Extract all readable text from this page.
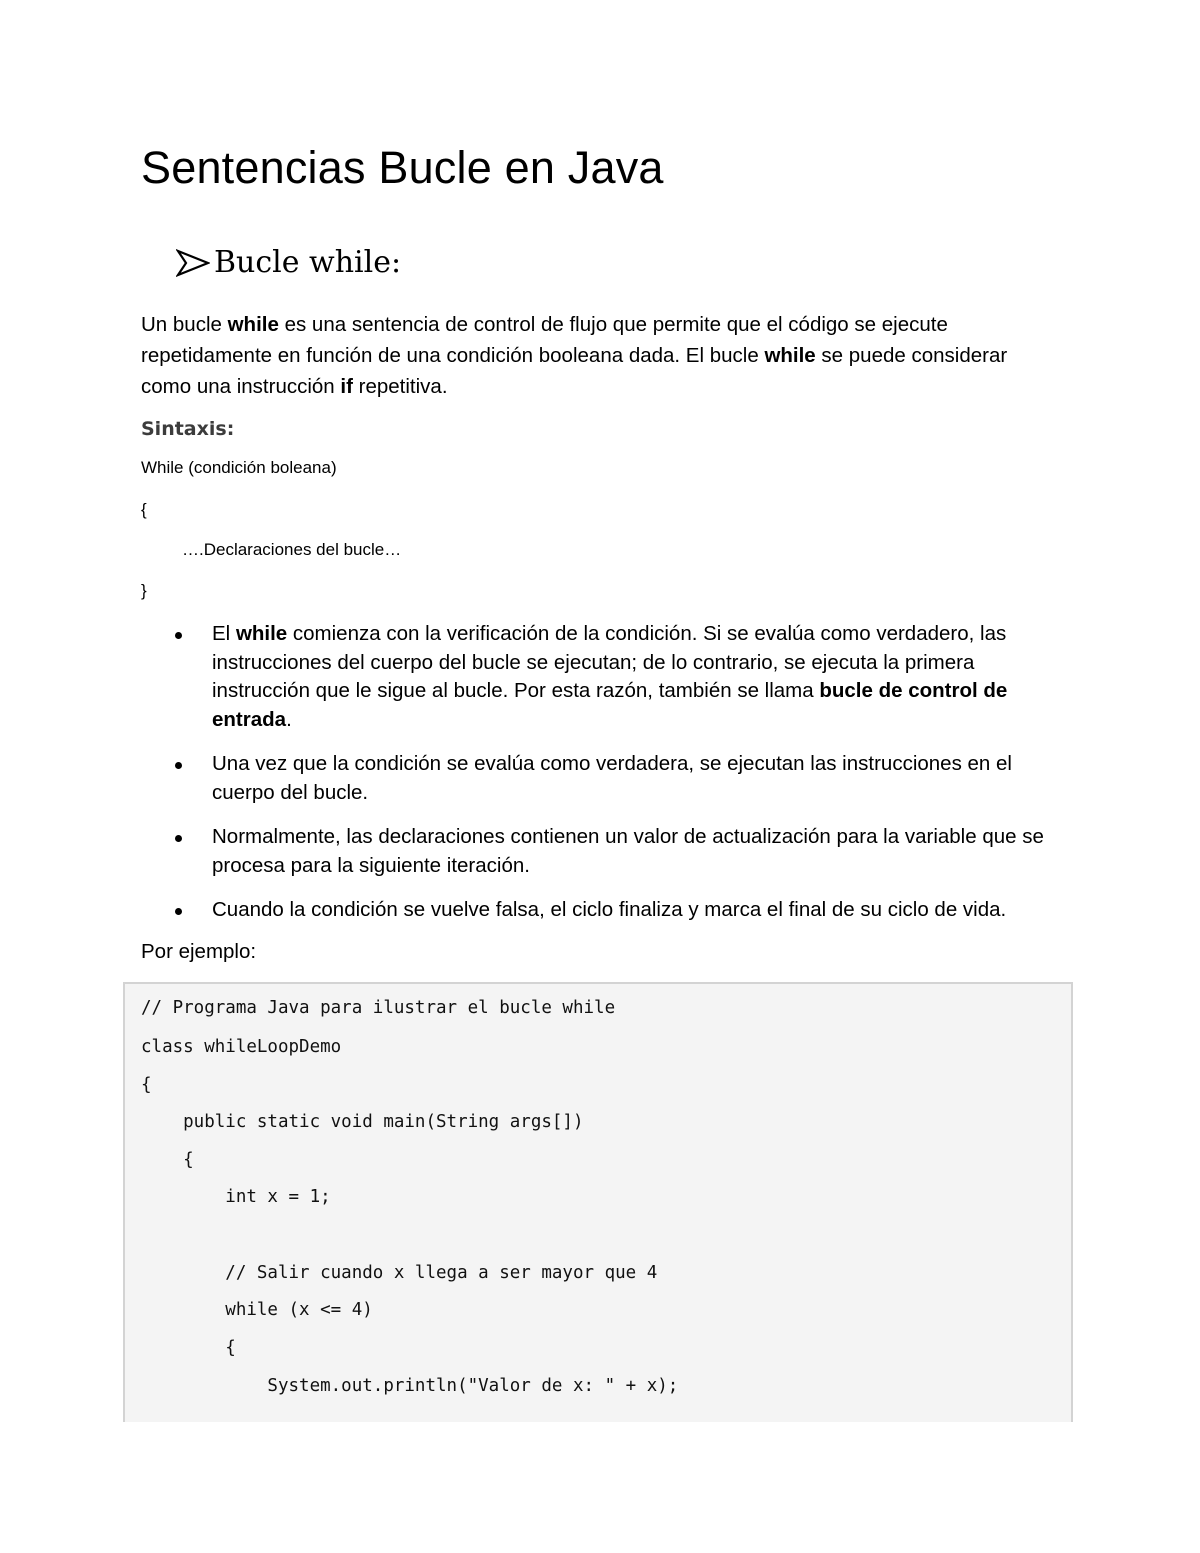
Sentencias Bucle en Java
Bucle while:

Un bucle while es una sentencia de control de flujo que permite que el código se ejecute repetidamente en función de una condición booleana dada. El bucle while se puede considerar como una instrucción if repetitiva.

Sintaxis:
While (condición boleana)
{
….Declaraciones del bucle…
}
El while comienza con la verificación de la condición. Si se evalúa como verdadero, las instrucciones del cuerpo del bucle se ejecutan; de lo contrario, se ejecuta la primera instrucción que le sigue al bucle. Por esta razón, también se llama bucle de control de entrada.
Una vez que la condición se evalúa como verdadera, se ejecutan las instrucciones en el cuerpo del bucle.
Normalmente, las declaraciones contienen un valor de actualización para la variable que se procesa para la siguiente iteración.
Cuando la condición se vuelve falsa, el ciclo finaliza y marca el final de su ciclo de vida.
Por ejemplo:
// Programa Java para ilustrar el bucle while
class whileLoopDemo
{
public static void main(String args[])
{
int x = 1;
// Salir cuando x llega a ser mayor que 4
while (x <= 4)
{
System.out.println("Valor de x: " + x);
